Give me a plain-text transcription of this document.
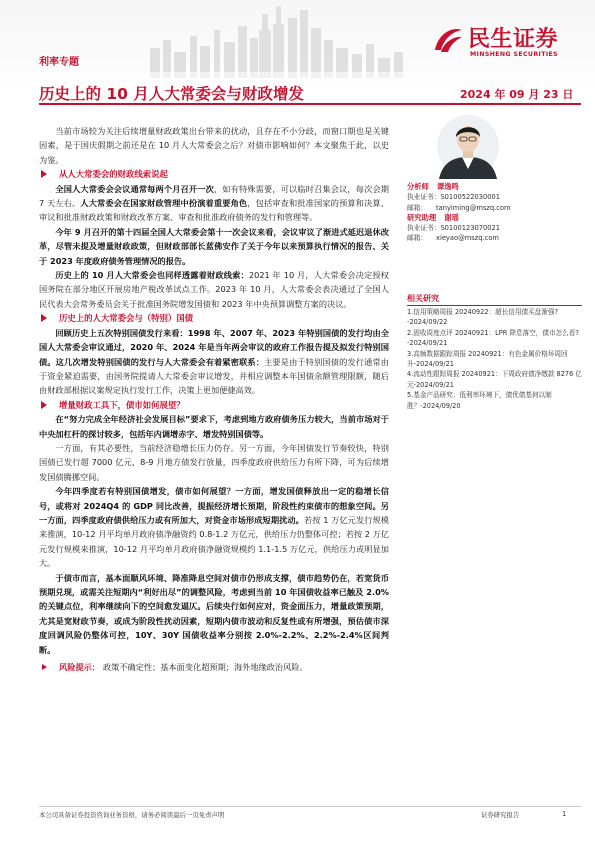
利率专题
民生证券
MINSHENG SECURITIES
历史上的 10 月人大常委会与财政增发	2024 年 09 月 23 日

当前市场较为关注后续增量财政政策出台带来的扰动，且存在不小分歧，而窗口期也是关键因素，是于国庆假期之前还是在 10 月人大常委会之后？对债市影响如何？本文聚焦于此，以史为鉴。

从人大常委会的财政线索说起

全国人大常委会会议通常每两个月召开一次，如有特殊需要，可以临时召集会议，每次会期 7 天左右。人大常委会在国家财政管理中扮演着重要角色，包括审查和批准国家的预算和决算、审议和批准财政政策和财政改革方案、审查和批准政府债务的发行和管理等。

今年 9 月召开的第十四届全国人大常委会第十一次会议来看，会议审议了渐进式延迟退休改革，尽管未提及增量财政政策，但财政部部长蓝佛安作了关于今年以来预算执行情况的报告、关于 2023 年度政府债务管理情况的报告。

历史上的 10 月人大常委会也同样透露着财政线索：2021 年 10 月，人大常委会决定授权国务院在部分地区开展房地产税改革试点工作。2023 年 10 月，人大常委会表决通过了全国人民代表大会常务委员会关于批准国务院增发国债和 2023 年中央预算调整方案的决议。

历史上的人大常委会与（特别）国债

回顾历史上五次特别国债发行来看：1998 年、2007 年、2023 年特别国债的发行均由全国人大常委会审议通过，2020 年、2024 年是当年两会审议的政府工作报告提及拟发行特别国债。这几次增发特别国债的发行与人大常委会有着紧密联系：主要是由于特别国债的发行通常由于资金紧迫需要，由国务院提请人大常委会审议增发，并相应调整本年国债余额管理限额，随后由财政部根据议案规定执行发行工作，决策上更加便捷高效。

增量财政工具下，债市如何展望？

在“努力完成全年经济社会发展目标”要求下，考虑到地方政府债务压力较大，当前市场对于中央加杠杆的探讨较多，包括年内调增赤字、增发特别国债等。

一方面，有其必要性，当前经济稳增长压力仍存。另一方面，今年国债发行节奏较快，特别国债已发行超 7000 亿元，8-9 月地方债发行放量，四季度政府供给压力有所下降，可为后续增发国债腾挪空间。

今年四季度若有特别国债增发，债市如何展望？一方面，增发国债释放出一定的稳增长信号，或将对 2024Q4 的 GDP 同比改善，提振经济增长预期，阶段性约束债市的想象空间。另一方面，四季度政府债供给压力或有所加大，对资金市场形成短期扰动。若按 1 万亿元发行规模来推演，10-12 月平均单月政府债净融资约 0.8-1.2 万亿元，供给压力仍整体可控；若按 2 万亿元发行规模来推演，10-12 月平均单月政府债净融资规模约 1.1-1.5 万亿元，供给压力或明显加大。

于债市而言，基本面顺风环境、降准降息空间对债市仍形成支撑，债市趋势仍在，若宽货币预期兑现，或需关注短期内“利好出尽”的调整风险，考虑到当前 10 年国债收益率已触及 2.0%的关键点位，利率继续向下的空间愈发逼仄。后续央行如何应对，资金面压力，增量政策预期，尤其是宽财政节奏，或成为阶段性扰动因素，短期内债市波动和反复性或有所增强，预估债市深度回调风险仍整体可控，10Y、30Y 国债收益率分别按 2.0%-2.2%、2.2%-2.4%区间判断。

风险提示： 政策不确定性；基本面变化超预期；海外地缘政治风险。
分析师 谭逸鸣
执业证书： S0100522030001
邮箱：	tanyiming@mszq.com
研究助理 谢瑶
执业证书： S0100123070021
邮箱：	xieyao@mszq.com
相关研究
1.信用策略周报 20240922：超长信用债买盘渐强?
-2024/09/22
2.固收周度点评 20240921：LPR 降息落空，债市怎么看? -2024/09/21
3.高频数据跟踪周报 20240921：有色金属价格环周回升-2024/09/21
4.流动性跟踪周报 20240921：下周政府债净缴款 8276 亿元-2024/09/21
5.基金产品研究：低利率环境下，债优债基何以制胜？-2024/09/20
本公司具备证券投资咨询业务资格，请务必阅读最后一页免责声明	证券研究报告	1
